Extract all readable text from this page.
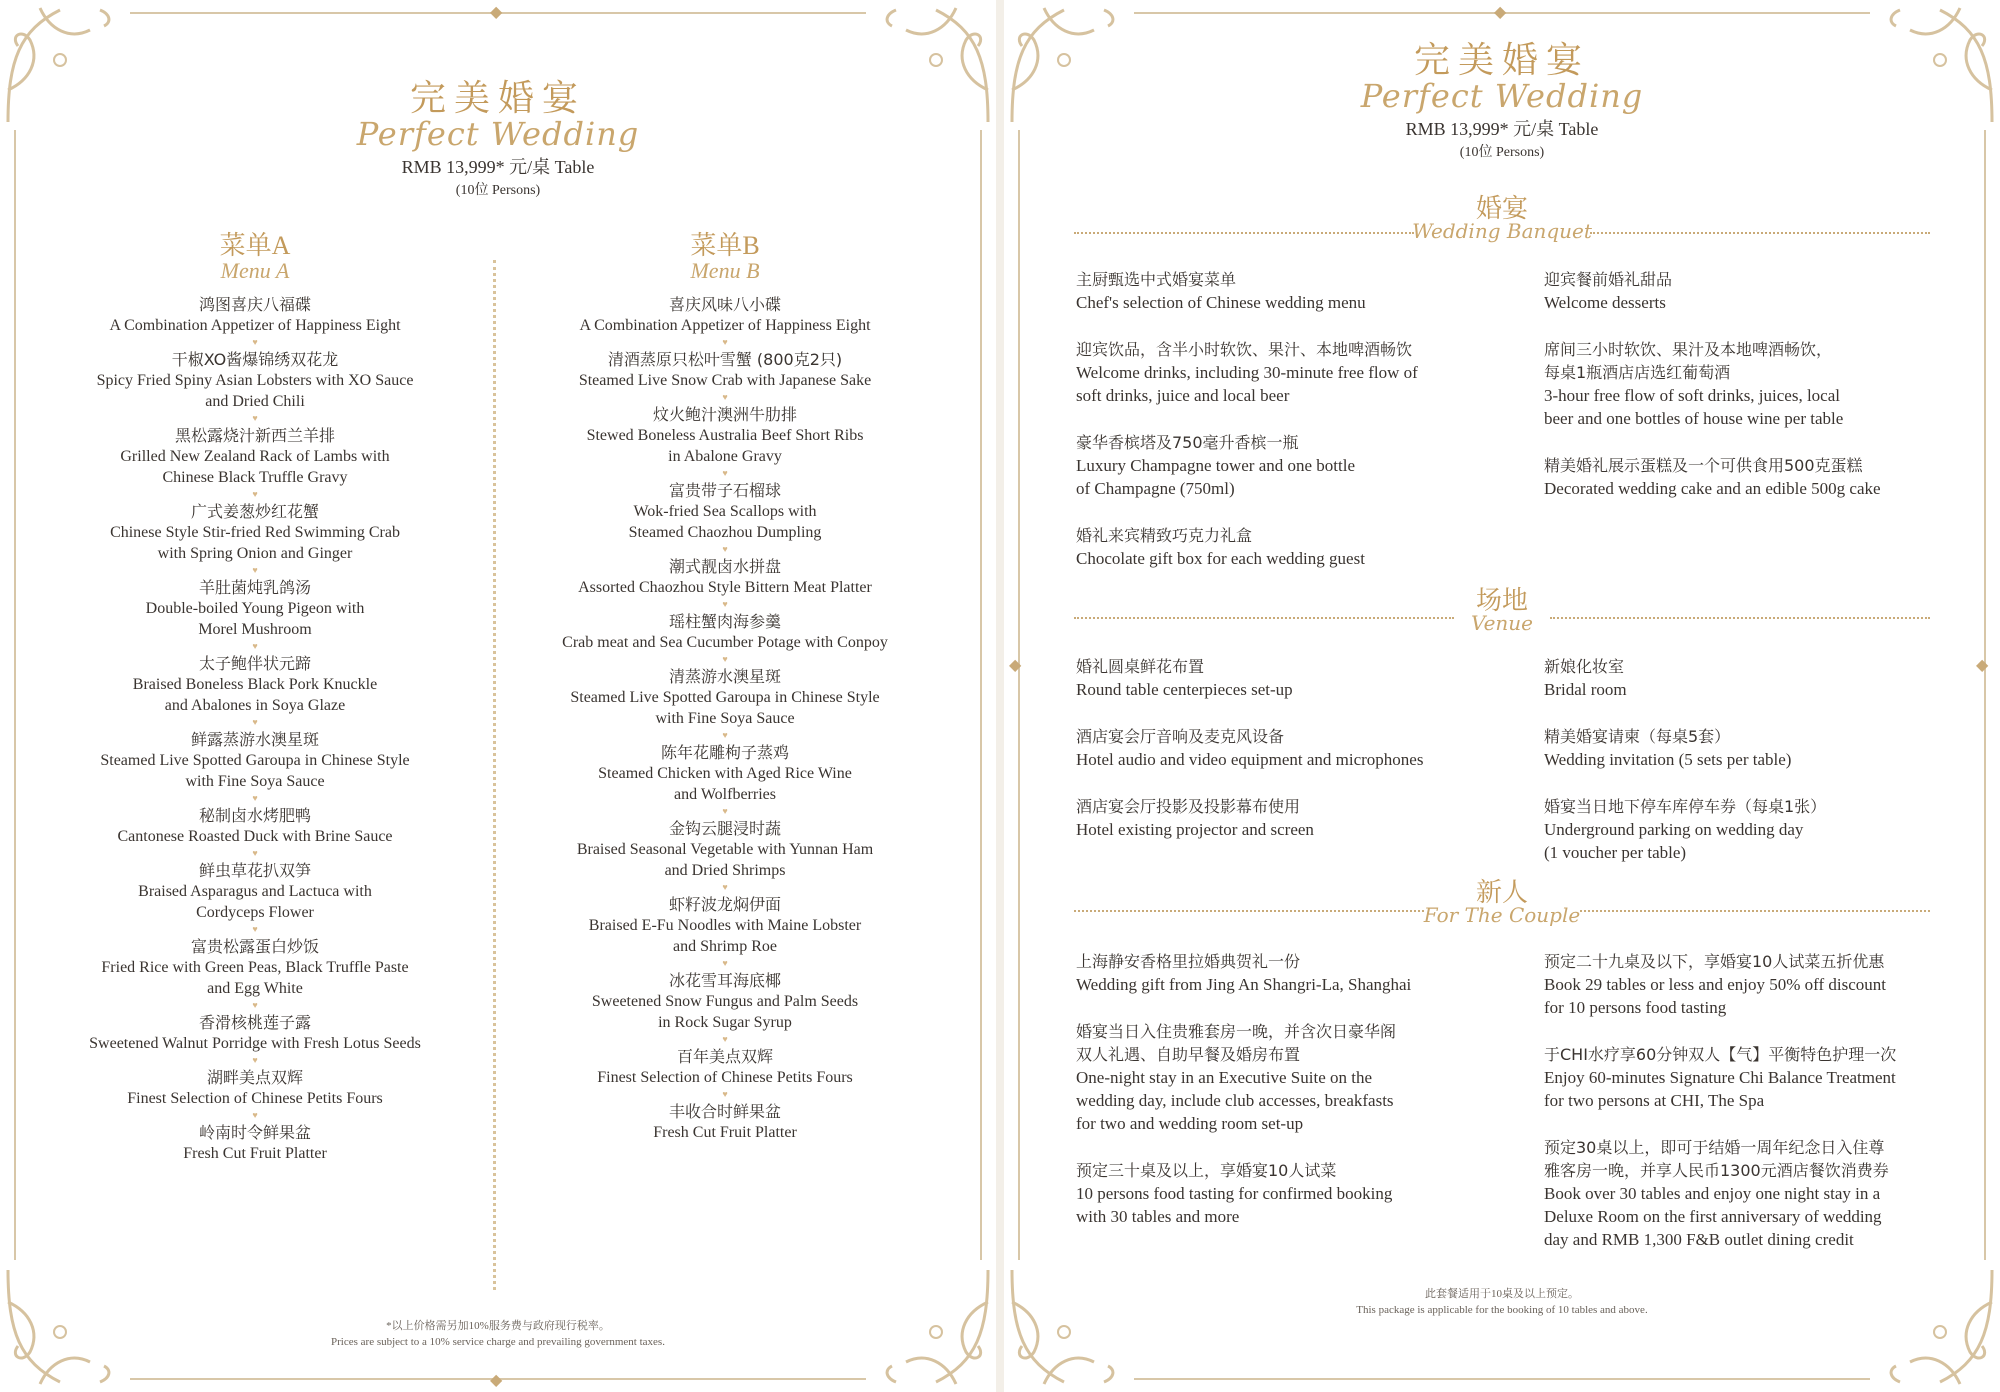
◆
◆
完美婚宴
Perfect Wedding
RMB 13,999* 元/桌 Table
(10位 Persons)
菜单A
Menu A
鸿图喜庆八福碟
A Combination Appetizer of Happiness Eight
♥
干椒XO酱爆锦绣双花龙
Spicy Fried Spiny Asian Lobsters with XO Sauce
and Dried Chili
♥
黑松露烧汁新西兰羊排
Grilled New Zealand Rack of Lambs with
Chinese Black Truffle Gravy
♥
广式姜葱炒红花蟹
Chinese Style Stir-fried Red Swimming Crab
with Spring Onion and Ginger
♥
羊肚菌炖乳鸽汤
Double-boiled Young Pigeon with
Morel Mushroom
♥
太子鲍伴状元蹄
Braised Boneless Black Pork Knuckle
and Abalones in Soya Glaze
♥
鲜露蒸游水澳星斑
Steamed Live Spotted Garoupa in Chinese Style
with Fine Soya Sauce
♥
秘制卤水烤肥鸭
Cantonese Roasted Duck with Brine Sauce
♥
鲜虫草花扒双笋
Braised Asparagus and Lactuca with
Cordyceps Flower
♥
富贵松露蛋白炒饭
Fried Rice with Green Peas, Black Truffle Paste
and Egg White
♥
香滑核桃莲子露
Sweetened Walnut Porridge with Fresh Lotus Seeds
♥
湖畔美点双辉
Finest Selection of Chinese Petits Fours
♥
岭南时令鲜果盆
Fresh Cut Fruit Platter
菜单B
Menu B
喜庆风味八小碟
A Combination Appetizer of Happiness Eight
♥
清酒蒸原只松叶雪蟹 (800克2只)
Steamed Live Snow Crab with Japanese Sake
♥
炆火鲍汁澳洲牛肋排
Stewed Boneless Australia Beef Short Ribs
in Abalone Gravy
♥
富贵带子石榴球
Wok-fried Sea Scallops with
Steamed Chaozhou Dumpling
♥
潮式靓卤水拼盘
Assorted Chaozhou Style Bittern Meat Platter
♥
瑶柱蟹肉海参羹
Crab meat and Sea Cucumber Potage with Conpoy
♥
清蒸游水澳星斑
Steamed Live Spotted Garoupa in Chinese Style
with Fine Soya Sauce
♥
陈年花雕枸子蒸鸡
Steamed Chicken with Aged Rice Wine
and Wolfberries
♥
金钩云腿浸时蔬
Braised Seasonal Vegetable with Yunnan Ham
and Dried Shrimps
♥
虾籽波龙焖伊面
Braised E-Fu Noodles with Maine Lobster
and Shrimp Roe
♥
冰花雪耳海底椰
Sweetened Snow Fungus and Palm Seeds
in Rock Sugar Syrup
♥
百年美点双辉
Finest Selection of Chinese Petits Fours
♥
丰收合时鲜果盆
Fresh Cut Fruit Platter
*以上价格需另加10%服务费与政府现行税率。
Prices are subject to a 10% service charge and prevailing government taxes.
◆
◆	◆
完美婚宴
Perfect Wedding
RMB 13,999* 元/桌 Table
(10位 Persons)
婚宴
Wedding Banquet
场地
Venue
新人
For The Couple
此套餐适用于10桌及以上预定。
This package is applicable for the booking of 10 tables and above.
主厨甄选中式婚宴菜单
Chef's selection of Chinese wedding menu
迎宾饮品，含半小时软饮、果汁、本地啤酒畅饮
Welcome drinks, including 30-minute free flow of
soft drinks, juice and local beer
豪华香槟塔及750毫升香槟一瓶
Luxury Champagne tower and one bottle
of Champagne (750ml)
婚礼来宾精致巧克力礼盒
Chocolate gift box for each wedding guest
迎宾餐前婚礼甜品
Welcome desserts
席间三小时软饮、果汁及本地啤酒畅饮，
每桌1瓶酒店店选红葡萄酒
3-hour free flow of soft drinks, juices, local
beer and one bottles of house wine per table
精美婚礼展示蛋糕及一个可供食用500克蛋糕
Decorated wedding cake and an edible 500g cake
婚礼圆桌鲜花布置
Round table centerpieces set-up
酒店宴会厅音响及麦克风设备
Hotel audio and video equipment and microphones
酒店宴会厅投影及投影幕布使用
Hotel existing projector and screen
新娘化妆室
Bridal room
精美婚宴请柬（每桌5套）
Wedding invitation (5 sets per table)
婚宴当日地下停车库停车券（每桌1张）
Underground parking on wedding day
(1 voucher per table)
上海静安香格里拉婚典贺礼一份
Wedding gift from Jing An Shangri-La, Shanghai
婚宴当日入住贵雅套房一晚，并含次日豪华阁
双人礼遇、自助早餐及婚房布置
One-night stay in an Executive Suite on the
wedding day, include club accesses, breakfasts
for two and wedding room set-up
预定三十桌及以上，享婚宴10人试菜
10 persons food tasting for confirmed booking
with 30 tables and more
预定二十九桌及以下，享婚宴10人试菜五折优惠
Book 29 tables or less and enjoy 50% off discount
for 10 persons food tasting
于CHI水疗享60分钟双人【气】平衡特色护理一次
Enjoy 60-minutes Signature Chi Balance Treatment
for two persons at CHI, The Spa
预定30桌以上，即可于结婚一周年纪念日入住尊
雅客房一晚，并享人民币1300元酒店餐饮消费券
Book over 30 tables and enjoy one night stay in a
Deluxe Room on the first anniversary of wedding
day and RMB 1,300 F&B outlet dining credit
